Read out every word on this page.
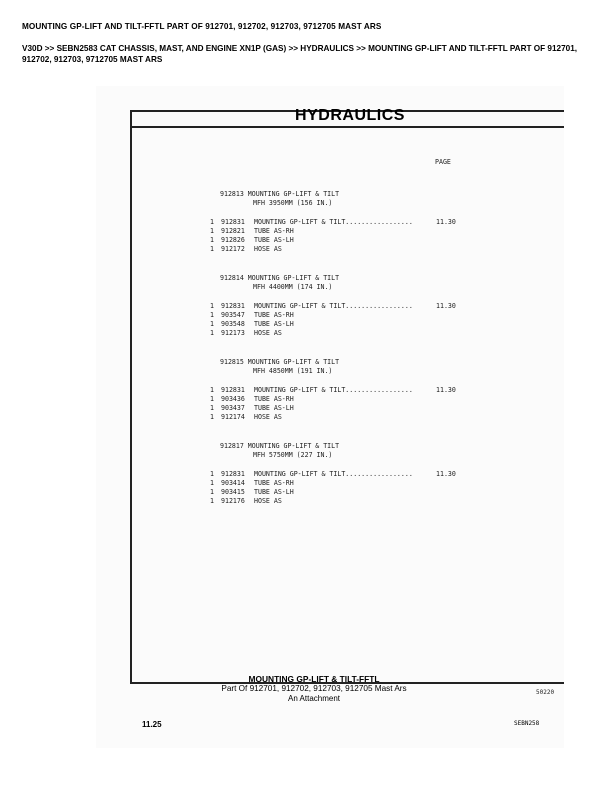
MOUNTING GP-LIFT AND TILT-FFTL PART OF 912701, 912702, 912703, 9712705 MAST ARS
V30D >> SEBN2583 CAT CHASSIS, MAST, AND ENGINE XN1P (GAS) >> HYDRAULICS >> MOUNTING GP-LIFT AND TILT-FFTL PART OF 912701, 912702, 912703, 9712705 MAST ARS
HYDRAULICS
PAGE
912813 MOUNTING GP-LIFT & TILT
MFH 3950MM (156 IN.)
1 912831 MOUNTING GP-LIFT & TILT.................	11.30
1 912821 TUBE AS-RH
1 912826 TUBE AS-LH
1 912172 HOSE AS
912814 MOUNTING GP-LIFT & TILT
MFH 4400MM (174 IN.)
1 912831 MOUNTING GP-LIFT & TILT.................	11.30
1 903547 TUBE AS-RH
1 903548 TUBE AS-LH
1 912173 HOSE AS
912815 MOUNTING GP-LIFT & TILT
MFH 4850MM (191 IN.)
1 912831 MOUNTING GP-LIFT & TILT.................	11.30
1 903436 TUBE AS-RH
1 903437 TUBE AS-LH
1 912174 HOSE AS
912817 MOUNTING GP-LIFT & TILT
MFH 5750MM (227 IN.)
1 912831 MOUNTING GP-LIFT & TILT.................	11.30
1 903414 TUBE AS-RH
1 903415 TUBE AS-LH
1 912176 HOSE AS
50220
MOUNTING GP-LIFT & TILT-FFTL
Part Of 912701, 912702, 912703, 912705 Mast Ars
An Attachment
11.25	SEBN258
